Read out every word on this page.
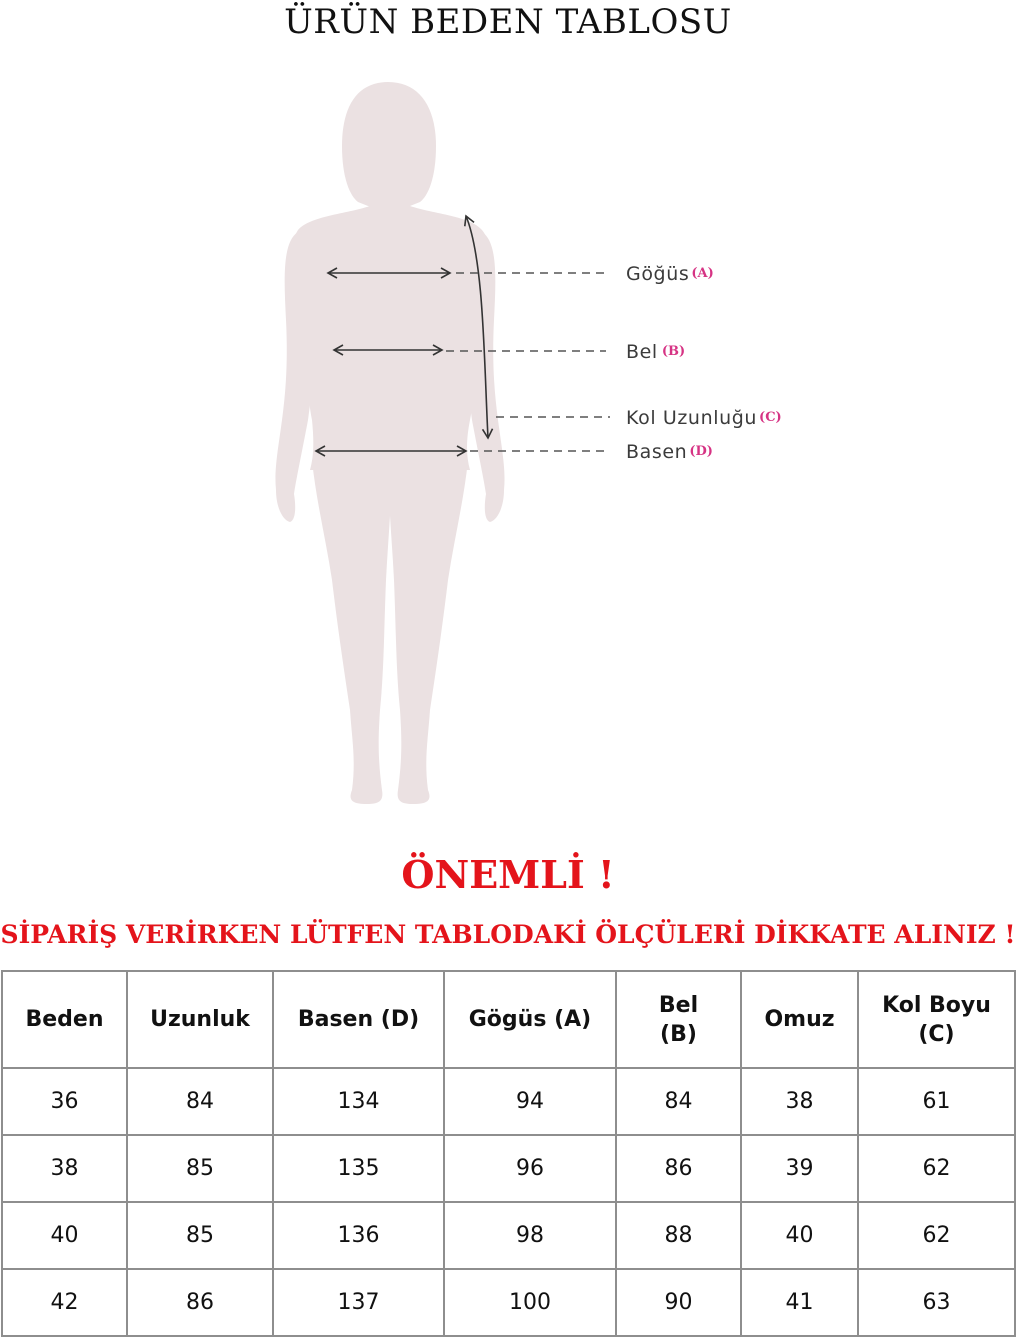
ÜRÜN BEDEN TABLOSU
Göğüs (A)
Bel (B)
Kol Uzunluğu (C)
Basen (D)
ÖNEMLİ !
SİPARİŞ VERİRKEN LÜTFEN TABLODAKİ ÖLÇÜLERİ DİKKATE ALINIZ !
Beden	Uzunluk	Basen (D)	Gögüs (A)	Bel (B)	Omuz	Kol Boyu (C)
36	84	134	94	84	38	61
38	85	135	96	86	39	62
40	85	136	98	88	40	62
42	86	137	100	90	41	63
